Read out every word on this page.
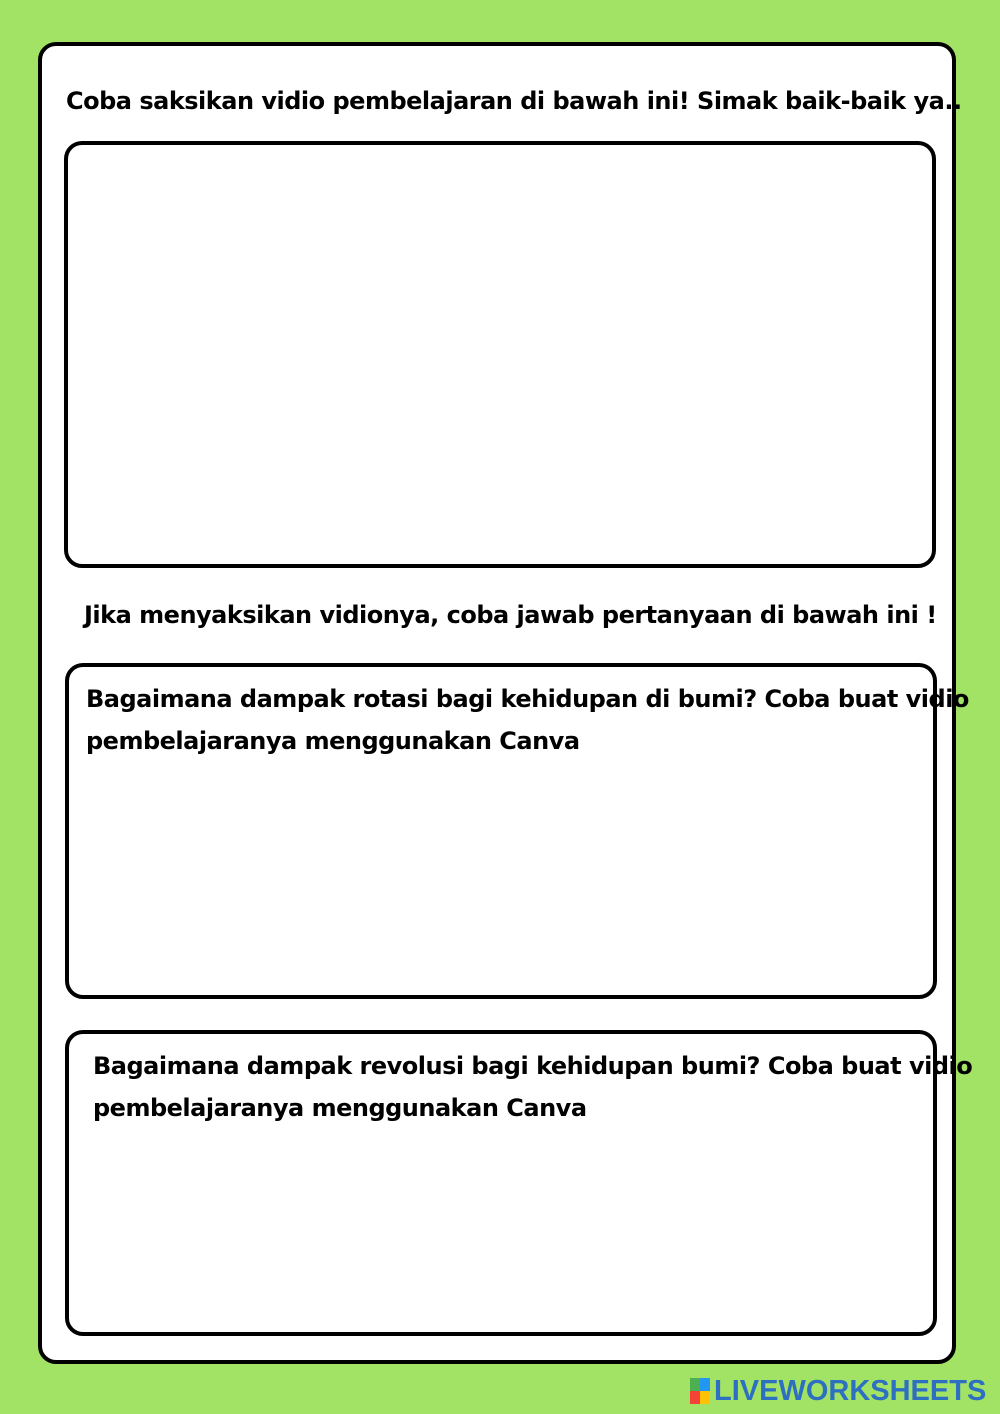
Coba saksikan vidio pembelajaran di bawah ini! Simak baik-baik ya..
Jika menyaksikan vidionya, coba jawab pertanyaan di bawah ini !
Bagaimana dampak rotasi bagi kehidupan di bumi? Coba buat vidio
pembelajaranya menggunakan Canva
Bagaimana dampak revolusi bagi kehidupan bumi? Coba buat vidio
pembelajaranya menggunakan Canva
LIVEWORKSHEETS
